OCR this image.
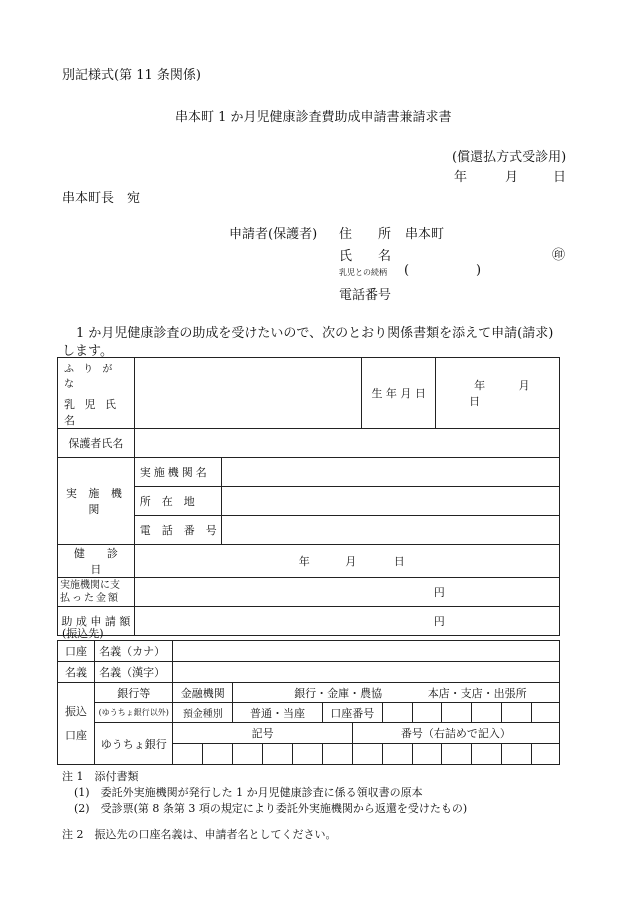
別記様式(第 11 条関係)
串本町 1 か月児健康診査費助成申請書兼請求書
(償還払方式受診用)
年	月	日
串本町長　宛
申請者(保護者) 住　　所 串本町
氏　　名	㊞
乳児との続柄 (	)
電話番号
1 か月児健康診査の助成を受けたいので、次のとおり関係書類を添えて申請(請求)
します。
ふ り が な
乳 児 氏 名			生 年 月 日	年 月 日
保護者氏名				
実 施 機 関	実施機関名			
	所　在　地			
	電　話　番　号			
健　　診　　日	年 月 日			

実施機関に支
払った金額	円			
助 成 申 請 額	円			
(振込先)
口座	名義（カナ）													
名義	名義（漢字）													

振込
口座	銀行等	金融機関		銀行・金庫・農協 本店・支店・出張所										
	(ゆうちょ銀行以外)	預金種別		普通・当座			口座番号							
	ゆうちょ銀行	記号						番号（右詰めで記入）						

注 1　添付書類
(1)　委託外実施機関が発行した 1 か月児健康診査に係る領収書の原本
(2)　受診票(第 8 条第 3 項の規定により委託外実施機関から返還を受けたもの)
注 2　振込先の口座名義は、申請者名としてください。
